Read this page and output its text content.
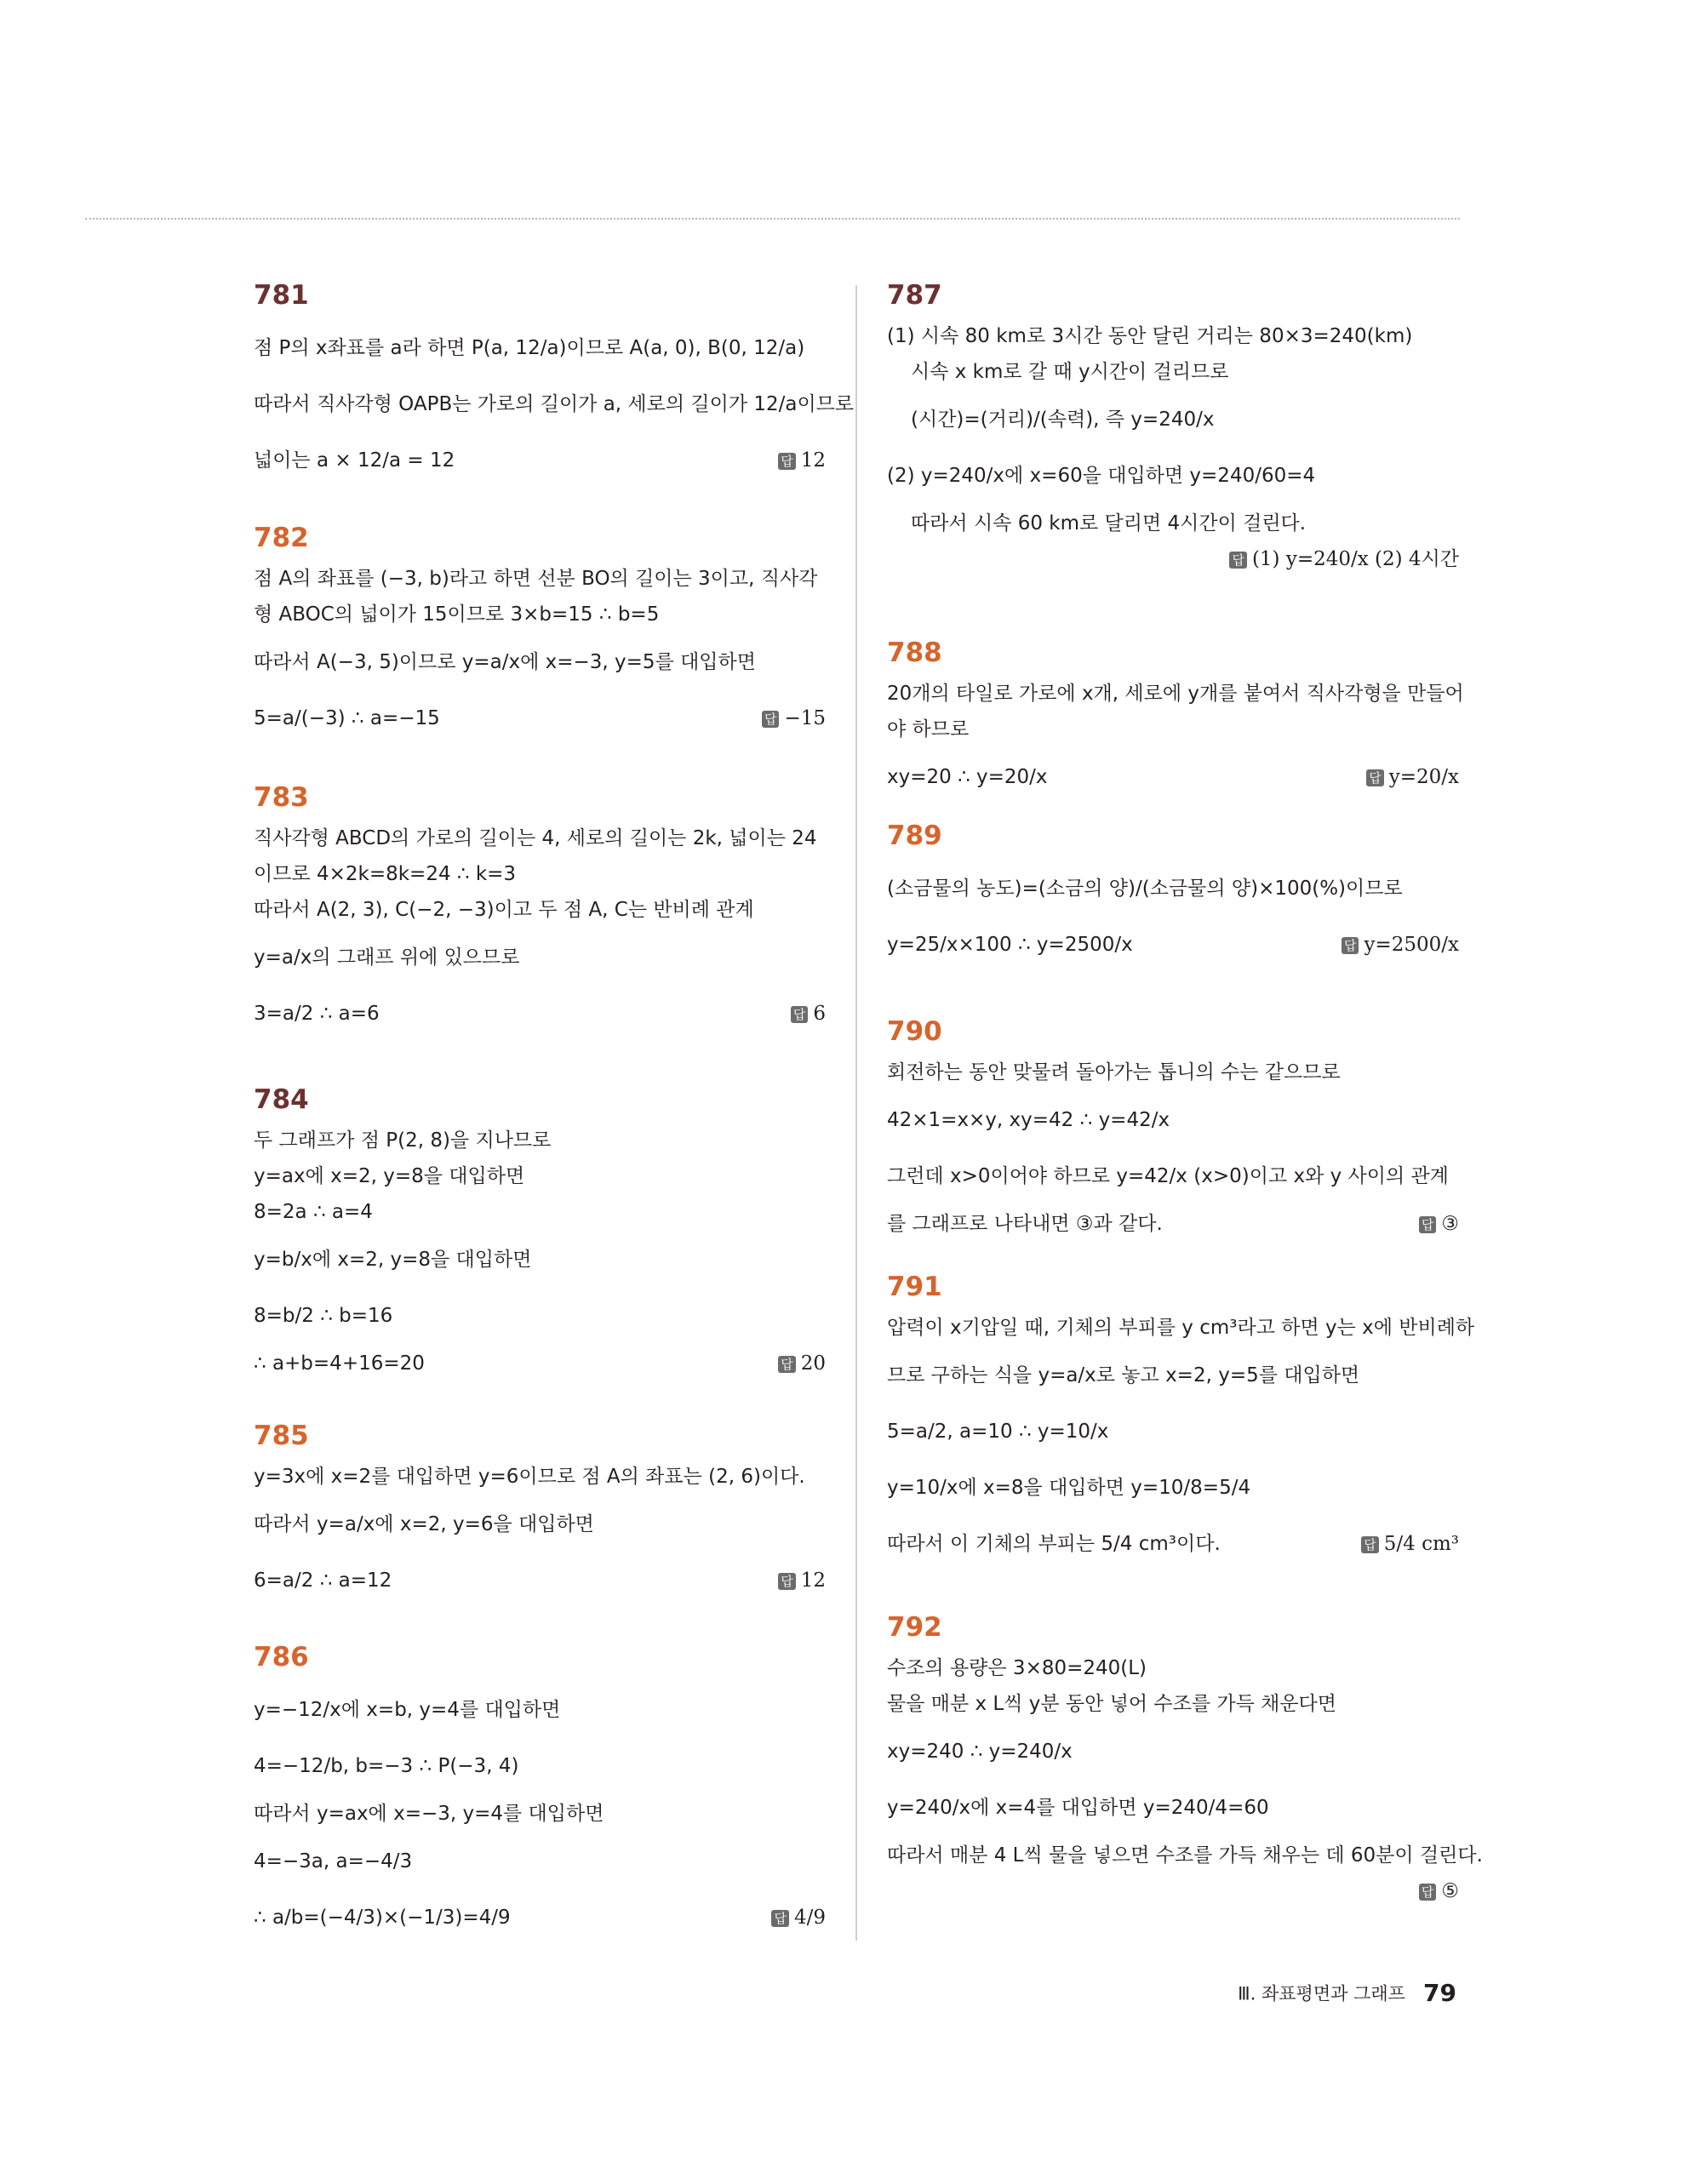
781
점 P의 x좌표를 a라 하면 P(a, 12/a)이므로 A(a, 0), B(0, 12/a)
따라서 직사각형 OAPB는 가로의 길이가 a, 세로의 길이가 12/a이므로
넓이는 a × 12/a = 12	답 12
782
점 A의 좌표를 (−3, b)라고 하면 선분 BO의 길이는 3이고, 직사각
형 ABOC의 넓이가 15이므로 3×b=15 ∴ b=5
따라서 A(−3, 5)이므로 y=a/x에 x=−3, y=5를 대입하면
5=a/(−3) ∴ a=−15	답 −15
783
직사각형 ABCD의 가로의 길이는 4, 세로의 길이는 2k, 넓이는 24
이므로 4×2k=8k=24 ∴ k=3
따라서 A(2, 3), C(−2, −3)이고 두 점 A, C는 반비례 관계
y=a/x의 그래프 위에 있으므로
3=a/2 ∴ a=6	답 6
784
두 그래프가 점 P(2, 8)을 지나므로
y=ax에 x=2, y=8을 대입하면
8=2a ∴ a=4
y=b/x에 x=2, y=8을 대입하면
8=b/2 ∴ b=16
∴ a+b=4+16=20	답 20
785
y=3x에 x=2를 대입하면 y=6이므로 점 A의 좌표는 (2, 6)이다.
따라서 y=a/x에 x=2, y=6을 대입하면
6=a/2 ∴ a=12	답 12
786
y=−12/x에 x=b, y=4를 대입하면
4=−12/b, b=−3 ∴ P(−3, 4)
따라서 y=ax에 x=−3, y=4를 대입하면
4=−3a, a=−4/3
∴ a/b=(−4/3)×(−1/3)=4/9	답 4/9
787
(1) 시속 80 km로 3시간 동안 달린 거리는 80×3=240(km)
시속 x km로 갈 때 y시간이 걸리므로
(시간)=(거리)/(속력), 즉 y=240/x
(2) y=240/x에 x=60을 대입하면 y=240/60=4
따라서 시속 60 km로 달리면 4시간이 걸린다.
답 (1) y=240/x (2) 4시간
788
20개의 타일로 가로에 x개, 세로에 y개를 붙여서 직사각형을 만들어
야 하므로
xy=20 ∴ y=20/x	답 y=20/x
789
(소금물의 농도)=(소금의 양)/(소금물의 양)×100(%)이므로
y=25/x×100 ∴ y=2500/x	답 y=2500/x
790
회전하는 동안 맞물려 돌아가는 톱니의 수는 같으므로
42×1=x×y, xy=42 ∴ y=42/x
그런데 x>0이어야 하므로 y=42/x (x>0)이고 x와 y 사이의 관계
를 그래프로 나타내면 ③과 같다.	답 ③
791
압력이 x기압일 때, 기체의 부피를 y cm³라고 하면 y는 x에 반비례하
므로 구하는 식을 y=a/x로 놓고 x=2, y=5를 대입하면
5=a/2, a=10 ∴ y=10/x
y=10/x에 x=8을 대입하면 y=10/8=5/4
따라서 이 기체의 부피는 5/4 cm³이다.	답 5/4 cm³
792
수조의 용량은 3×80=240(L)
물을 매분 x L씩 y분 동안 넣어 수조를 가득 채운다면
xy=240 ∴ y=240/x
y=240/x에 x=4를 대입하면 y=240/4=60
따라서 매분 4 L씩 물을 넣으면 수조를 가득 채우는 데 60분이 걸린다.
답 ⑤
Ⅲ. 좌표평면과 그래프 79
